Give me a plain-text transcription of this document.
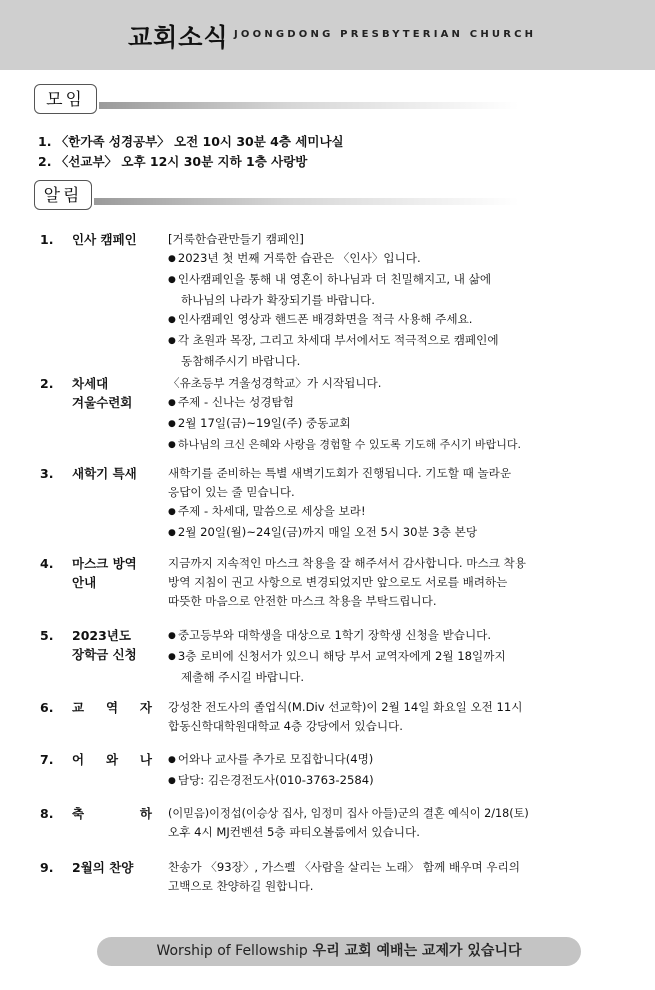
교회소식 JOONGDONG PRESBYTERIAN CHURCH
모임
1. 〈한가족 성경공부〉 오전 10시 30분 4층 세미나실
2. 〈선교부〉 오후 12시 30분 지하 1층 사랑방
알림
1. 인사 캠페인	[거룩한습관만들기 캠페인]
● 2023년 첫 번째 거룩한 습관은 〈인사〉입니다.
● 인사캠페인을 통해 내 영혼이 하나님과 더 친밀해지고, 내 삶에
하나님의 나라가 확장되기를 바랍니다.
● 인사캠페인 영상과 핸드폰 배경화면을 적극 사용해 주세요.
● 각 초원과 목장, 그리고 차세대 부서에서도 적극적으로 캠페인에
동참해주시기 바랍니다.
2. 차세대
겨울수련회
〈유초등부 겨울성경학교〉가 시작됩니다.
● 주제 - 신나는 성경탐험
● 2월 17일(금)~19일(주) 중동교회
● 하나님의 크신 은혜와 사랑을 경험할 수 있도록 기도해 주시기 바랍니다.
3. 새학기 특새	새학기를 준비하는 특별 새벽기도회가 진행됩니다. 기도할 때 놀라운
응답이 있는 줄 믿습니다.
● 주제 - 차세대, 말씀으로 세상을 보라!
● 2월 20일(월)~24일(금)까지 매일 오전 5시 30분 3층 본당
4. 마스크 방역
안내
지금까지 지속적인 마스크 착용을 잘 해주셔서 감사합니다. 마스크 착용
방역 지침이 권고 사항으로 변경되었지만 앞으로도 서로를 배려하는
따뜻한 마음으로 안전한 마스크 착용을 부탁드립니다.
5. 2023년도
장학금 신청
● 중고등부와 대학생을 대상으로 1학기 장학생 신청을 받습니다.
● 3층 로비에 신청서가 있으니 해당 부서 교역자에게 2월 18일까지
제출해 주시길 바랍니다.
6. 교 역 자 강성찬 전도사의 졸업식(M.Div 선교학)이 2월 14일 화요일 오전 11시
합동신학대학원대학교 4층 강당에서 있습니다.
7. 어 와 나
●	어와나 교사를 추가로 모집합니다(4명)
● 담당: 김은경전도사(010-3763-2584)
8. 축	하 (이믿음)이정섭(이승상 집사, 임정미 집사 아들)군의 결혼 예식이 2/18(토)
오후 4시 MJ컨벤션 5층 파티오볼룸에서 있습니다.
9. 2월의 찬양	찬송가 〈93장〉, 가스펠 〈사람을 살리는 노래〉 함께 배우며 우리의
고백으로 찬양하길 원합니다.
Worship of Fellowship 우리 교회 예배는 교제가 있습니다
